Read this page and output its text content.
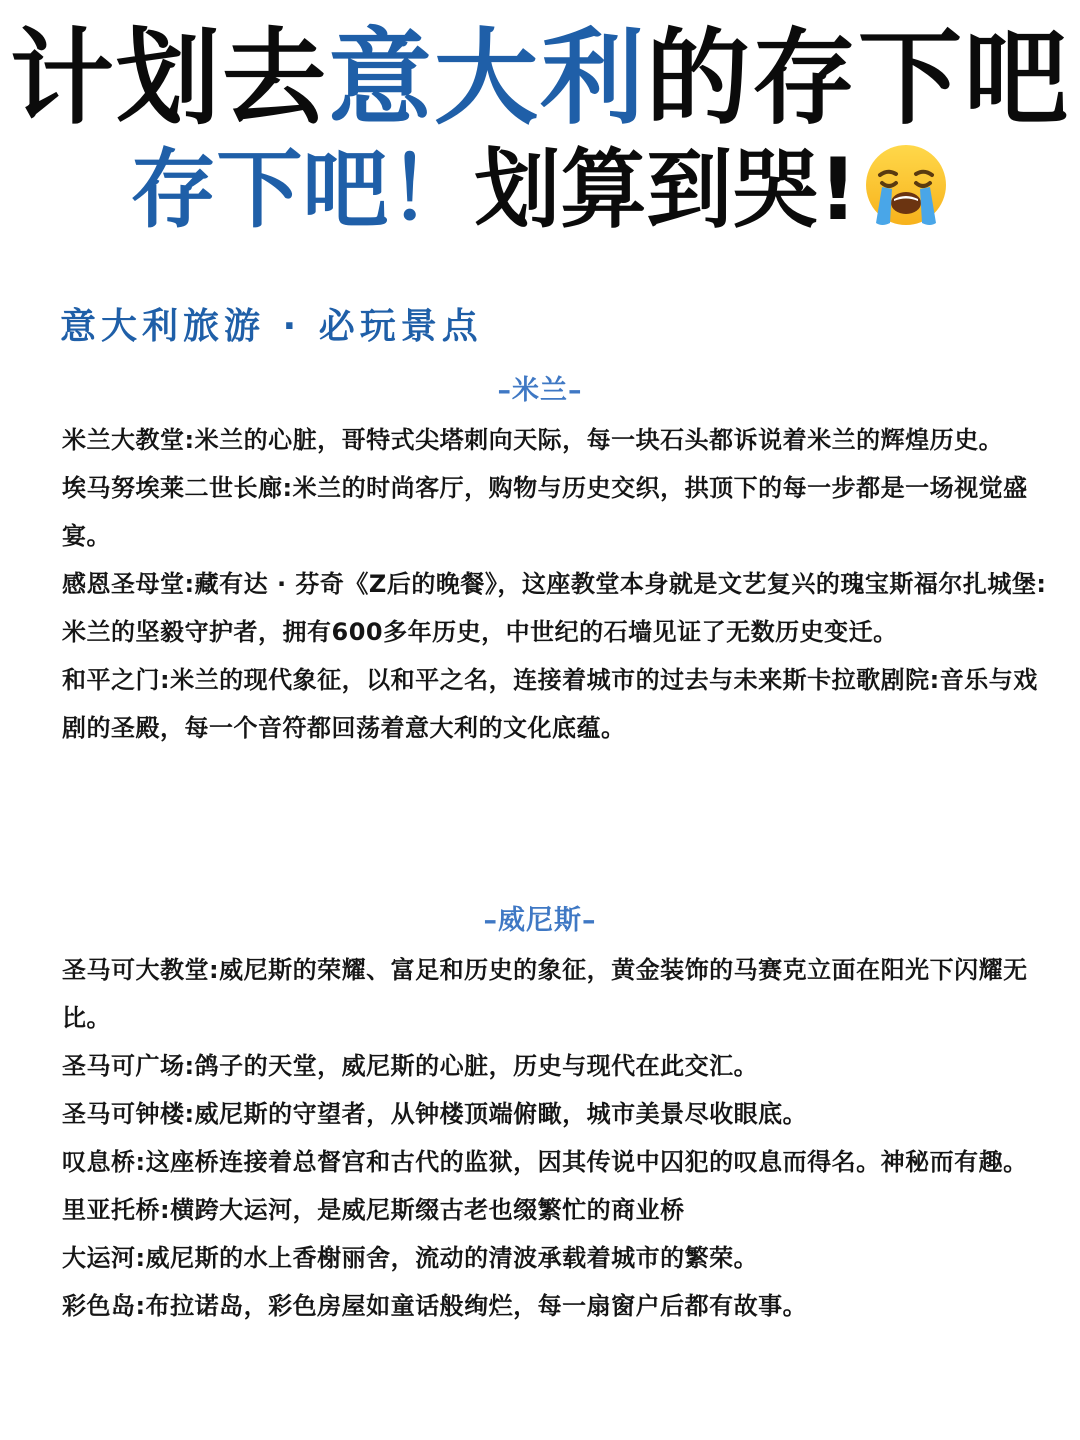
计划去意大利的存下吧
存下吧！划算到哭!
意大利旅游 · 必玩景点
–米兰–

米兰大教堂:米兰的心脏，哥特式尖塔刺向天际，每一块石头都诉说着米兰的辉煌历史。

埃马努埃莱二世长廊:米兰的时尚客厅，购物与历史交织，拱顶下的每一步都是一场视觉盛宴。

感恩圣母堂:藏有达 · 芬奇《Z后的晚餐》，这座教堂本身就是文艺复兴的瑰宝斯福尔扎城堡:米兰的坚毅守护者，拥有600多年历史，中世纪的石墙见证了无数历史变迁。

和平之门:米兰的现代象征，以和平之名，连接着城市的过去与未来斯卡拉歌剧院:音乐与戏剧的圣殿，每一个音符都回荡着意大利的文化底蕴。

–威尼斯–

圣马可大教堂:威尼斯的荣耀、富足和历史的象征，黄金装饰的马赛克立面在阳光下闪耀无比。

圣马可广场:鸽子的天堂，威尼斯的心脏，历史与现代在此交汇。

圣马可钟楼:威尼斯的守望者，从钟楼顶端俯瞰，城市美景尽收眼底。

叹息桥:这座桥连接着总督宫和古代的监狱，因其传说中囚犯的叹息而得名。神秘而有趣。

里亚托桥:横跨大运河，是威尼斯缀古老也缀繁忙的商业桥

大运河:威尼斯的水上香榭丽舍，流动的清波承载着城市的繁荣。

彩色岛:布拉诺岛，彩色房屋如童话般绚烂，每一扇窗户后都有故事。
